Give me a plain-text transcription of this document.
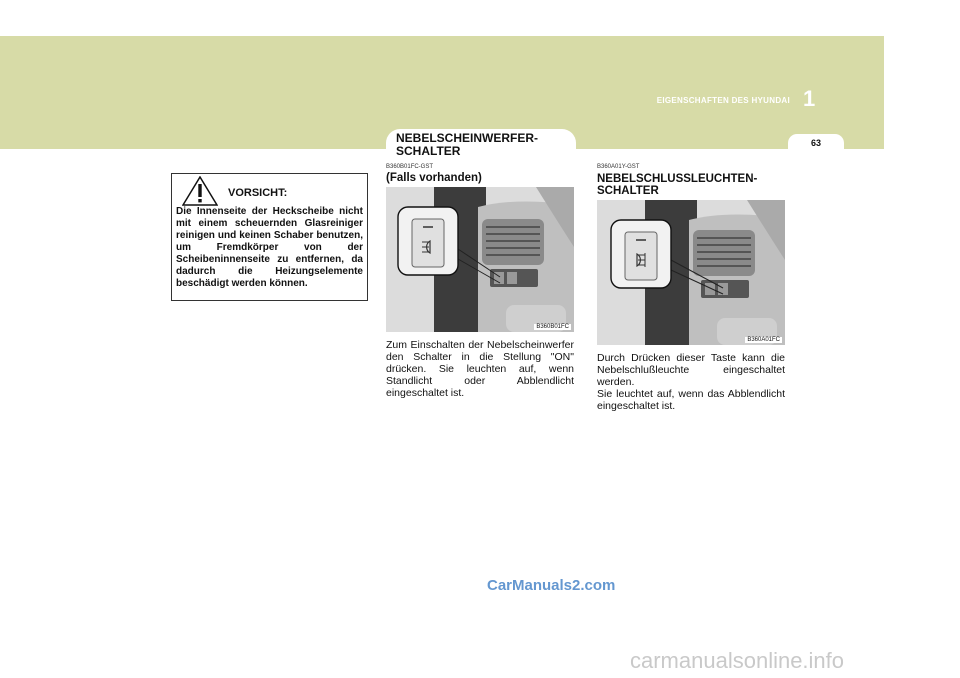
EIGENSCHAFTEN DES HYUNDAI 1
63
NEBELSCHEINWERFER-
SCHALTER
VORSICHT:

Die Innenseite der Heckscheibe nicht mit einem scheuernden Glasreiniger reinigen und keinen Schaber benutzen, um Fremdkörper von der Scheibeninnenseite zu entfernen, da dadurch die Heizungselemente beschädigt werden können.

B360B01FC-GST
(Falls vorhanden)
B360B01FC

Zum Einschalten der Nebelscheinwerfer den Schalter in die Stellung "ON" drücken. Sie leuchten auf, wenn Standlicht oder Abblendlicht eingeschaltet ist.

B360A01Y-GST
NEBELSCHLUSSLEUCHTEN-
SCHALTER
B360A01FC

Durch Drücken dieser Taste kann die Nebelschlußleuchte eingeschaltet werden.
Sie leuchtet auf, wenn das Abblendlicht eingeschaltet ist.

CarManuals2.com
carmanualsonline.info
